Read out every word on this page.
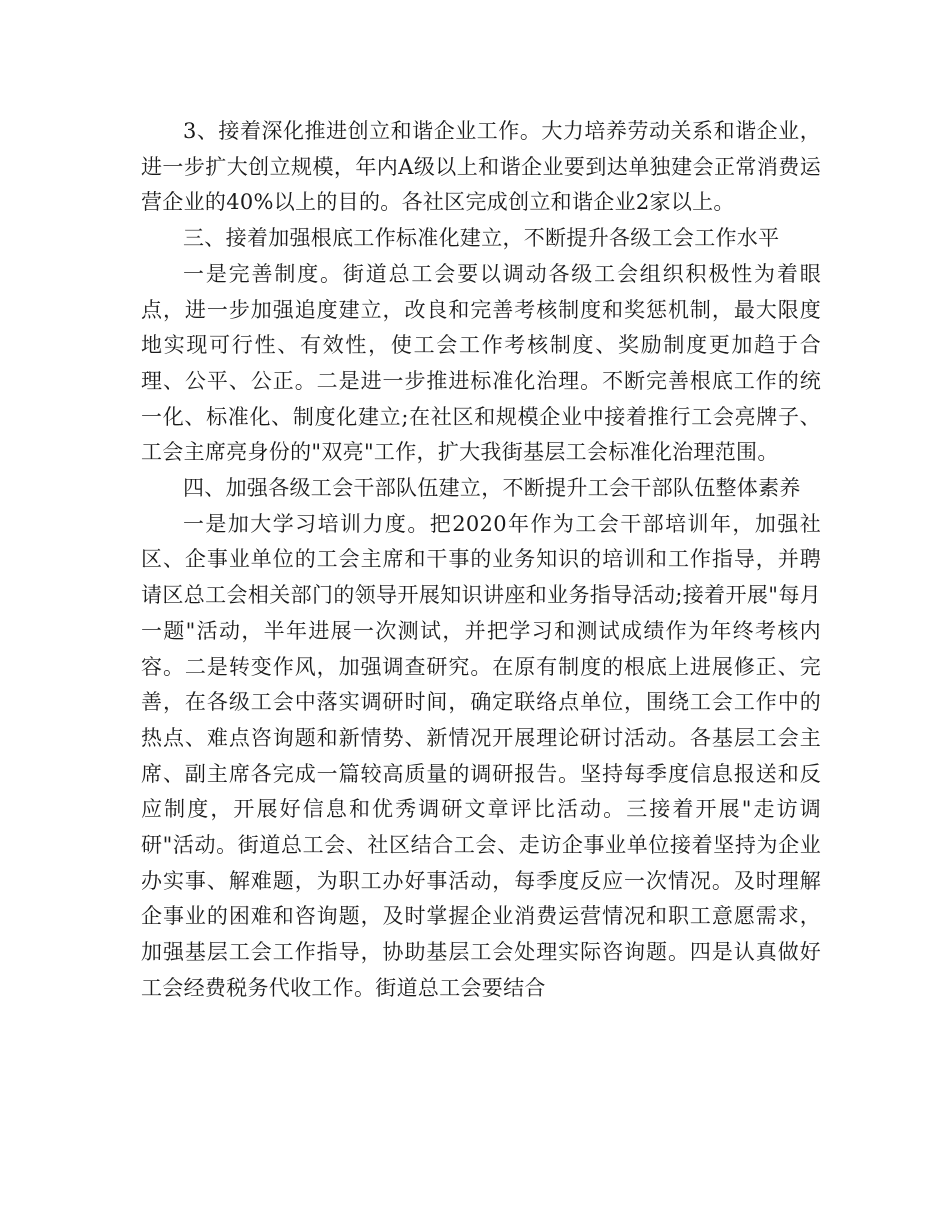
3、接着深化推进创立和谐企业工作。大力培养劳动关系和谐企业，进一步扩大创立规模，年内A级以上和谐企业要到达单独建会正常消费运营企业的40%以上的目的。各社区完成创立和谐企业2家以上。

三、接着加强根底工作标准化建立，不断提升各级工会工作水平

一是完善制度。街道总工会要以调动各级工会组织积极性为着眼点，进一步加强追度建立，改良和完善考核制度和奖惩机制，最大限度地实现可行性、有效性，使工会工作考核制度、奖励制度更加趋于合理、公平、公正。二是进一步推进标准化治理。不断完善根底工作的统一化、标准化、制度化建立;在社区和规模企业中接着推行工会亮牌子、工会主席亮身份的"双亮"工作，扩大我街基层工会标准化治理范围。

四、加强各级工会干部队伍建立，不断提升工会干部队伍整体素养

一是加大学习培训力度。把2020年作为工会干部培训年，加强社区、企事业单位的工会主席和干事的业务知识的培训和工作指导，并聘请区总工会相关部门的领导开展知识讲座和业务指导活动;接着开展"每月一题"活动，半年进展一次测试，并把学习和测试成绩作为年终考核内容。二是转变作风，加强调查研究。在原有制度的根底上进展修正、完善，在各级工会中落实调研时间，确定联络点单位，围绕工会工作中的热点、难点咨询题和新情势、新情况开展理论研讨活动。各基层工会主席、副主席各完成一篇较高质量的调研报告。坚持每季度信息报送和反应制度，开展好信息和优秀调研文章评比活动。三接着开展"走访调研"活动。街道总工会、社区结合工会、走访企事业单位接着坚持为企业办实事、解难题，为职工办好事活动，每季度反应一次情况。及时理解企事业的困难和咨询题，及时掌握企业消费运营情况和职工意愿需求，加强基层工会工作指导，协助基层工会处理实际咨询题。四是认真做好工会经费税务代收工作。街道总工会要结合
